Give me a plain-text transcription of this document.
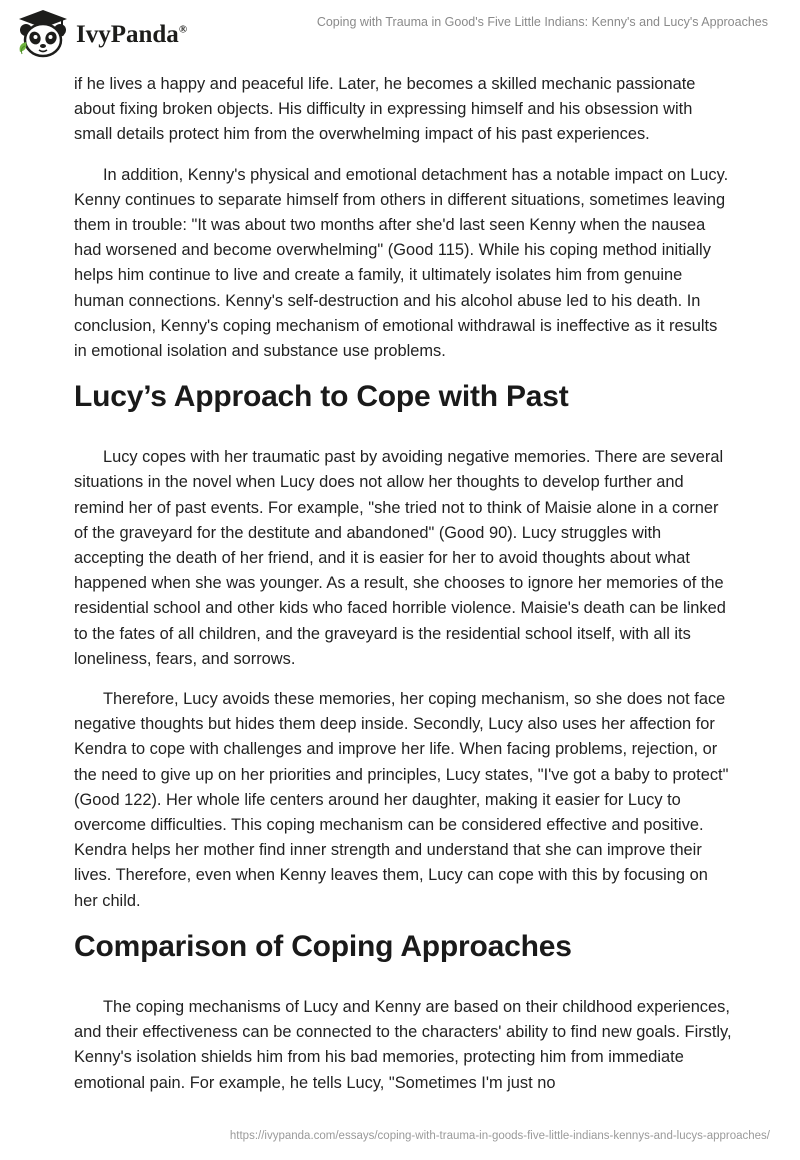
IvyPanda®
Coping with Trauma in Good's Five Little Indians: Kenny's and Lucy's Approaches

if he lives a happy and peaceful life. Later, he becomes a skilled mechanic passionate about fixing broken objects. His difficulty in expressing himself and his obsession with small details protect him from the overwhelming impact of his past experiences.

In addition, Kenny's physical and emotional detachment has a notable impact on Lucy. Kenny continues to separate himself from others in different situations, sometimes leaving them in trouble: "It was about two months after she'd last seen Kenny when the nausea had worsened and become overwhelming" (Good 115). While his coping method initially helps him continue to live and create a family, it ultimately isolates him from genuine human connections. Kenny's self-destruction and his alcohol abuse led to his death. In conclusion, Kenny's coping mechanism of emotional withdrawal is ineffective as it results in emotional isolation and substance use problems.

Lucy’s Approach to Cope with Past

Lucy copes with her traumatic past by avoiding negative memories. There are several situations in the novel when Lucy does not allow her thoughts to develop further and remind her of past events. For example, "she tried not to think of Maisie alone in a corner of the graveyard for the destitute and abandoned" (Good 90). Lucy struggles with accepting the death of her friend, and it is easier for her to avoid thoughts about what happened when she was younger. As a result, she chooses to ignore her memories of the residential school and other kids who faced horrible violence. Maisie's death can be linked to the fates of all children, and the graveyard is the residential school itself, with all its loneliness, fears, and sorrows.

Therefore, Lucy avoids these memories, her coping mechanism, so she does not face negative thoughts but hides them deep inside. Secondly, Lucy also uses her affection for Kendra to cope with challenges and improve her life. When facing problems, rejection, or the need to give up on her priorities and principles, Lucy states, "I've got a baby to protect" (Good 122). Her whole life centers around her daughter, making it easier for Lucy to overcome difficulties. This coping mechanism can be considered effective and positive. Kendra helps her mother find inner strength and understand that she can improve their lives. Therefore, even when Kenny leaves them, Lucy can cope with this by focusing on her child.

Comparison of Coping Approaches

The coping mechanisms of Lucy and Kenny are based on their childhood experiences, and their effectiveness can be connected to the characters' ability to find new goals. Firstly, Kenny's isolation shields him from his bad memories, protecting him from immediate emotional pain. For example, he tells Lucy, "Sometimes I'm just no

https://ivypanda.com/essays/coping-with-trauma-in-goods-five-little-indians-kennys-and-lucys-approaches/
